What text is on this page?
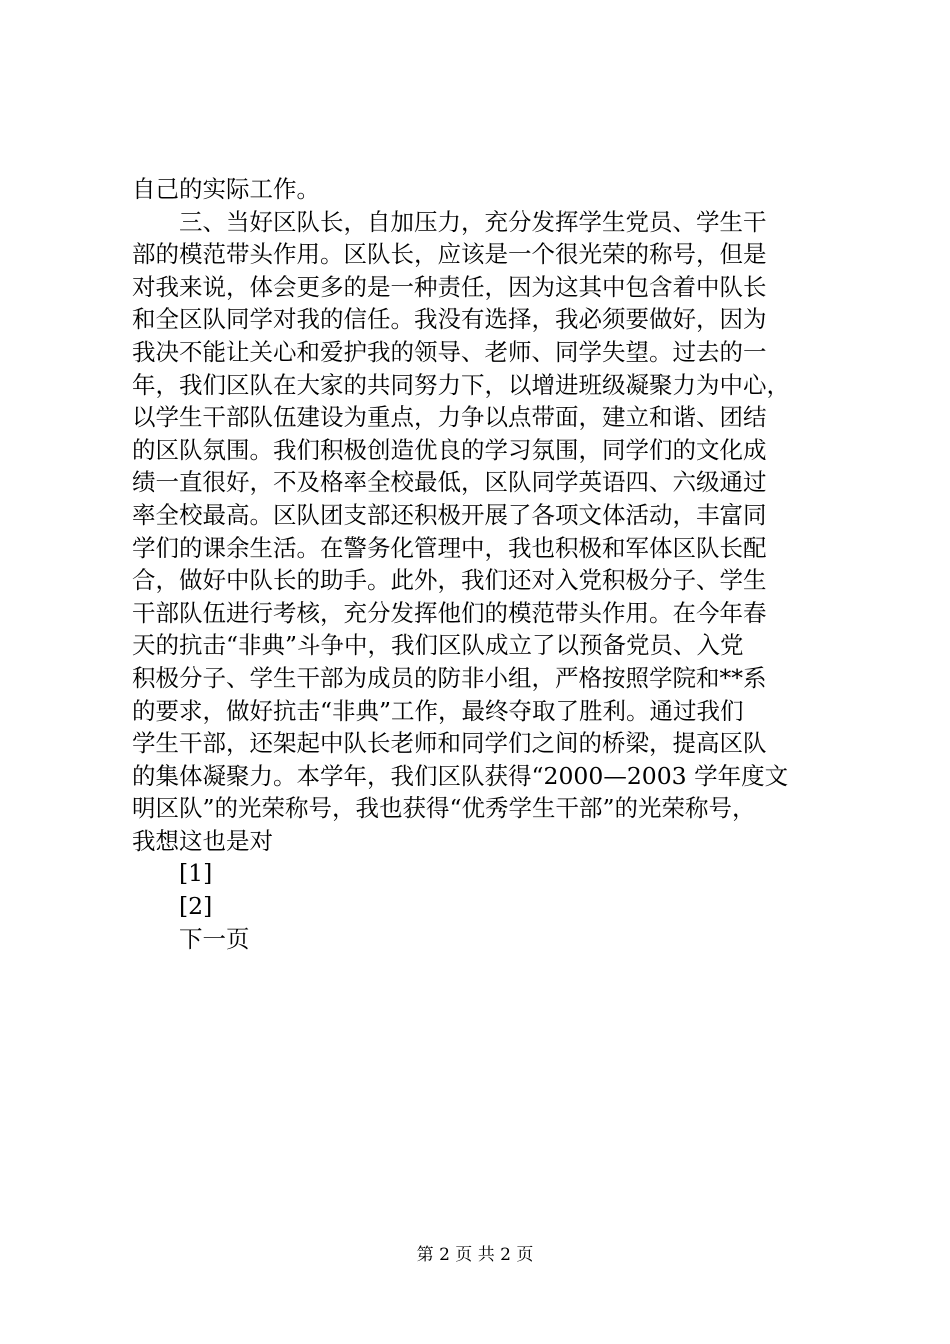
自己的实际工作。
　　三、当好区队长，自加压力，充分发挥学生党员、学生干
部的模范带头作用。区队长，应该是一个很光荣的称号，但是
对我来说，体会更多的是一种责任，因为这其中包含着中队长
和全区队同学对我的信任。我没有选择，我必须要做好，因为
我决不能让关心和爱护我的领导、老师、同学失望。过去的一
年，我们区队在大家的共同努力下，以增进班级凝聚力为中心，
以学生干部队伍建设为重点，力争以点带面，建立和谐、团结
的区队氛围。我们积极创造优良的学习氛围，同学们的文化成
绩一直很好，不及格率全校最低，区队同学英语四、六级通过
率全校最高。区队团支部还积极开展了各项文体活动，丰富同
学们的课余生活。在警务化管理中，我也积极和军体区队长配
合，做好中队长的助手。此外，我们还对入党积极分子、学生
干部队伍进行考核，充分发挥他们的模范带头作用。在今年春
天的抗击“非典”斗争中，我们区队成立了以预备党员、入党
积极分子、学生干部为成员的防非小组，严格按照学院和**系
的要求，做好抗击“非典”工作，最终夺取了胜利。通过我们
学生干部，还架起中队长老师和同学们之间的桥梁，提高区队
的集体凝聚力。本学年，我们区队获得“2000—2003 学年度文
明区队”的光荣称号，我也获得“优秀学生干部”的光荣称号，
我想这也是对
[1]
[2]
下一页
第 2 页 共 2 页
